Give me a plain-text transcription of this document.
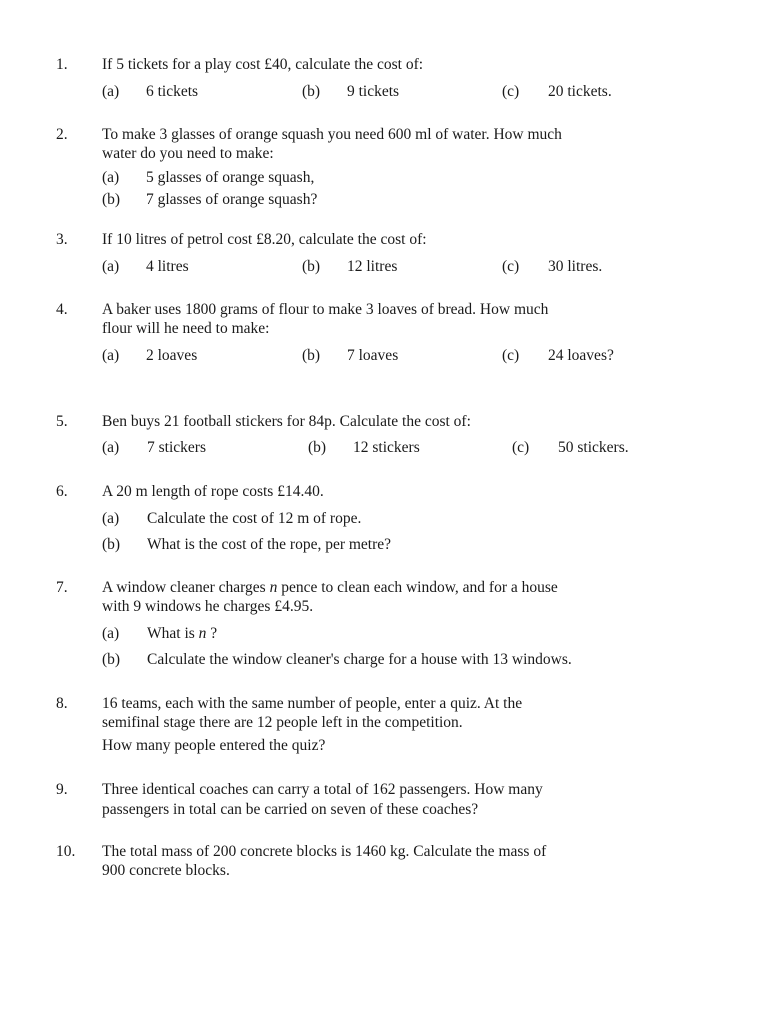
1. If 5 tickets for a play cost £40, calculate the cost of:
(a) 6 tickets	(b) 9 tickets	(c) 20 tickets.
2. To make 3 glasses of orange squash you need 600 ml of water. How much
water do you need to make:
(a) 5 glasses of orange squash,
(b) 7 glasses of orange squash?
3. If 10 litres of petrol cost £8.20, calculate the cost of:
(a) 4 litres	(b) 12 litres	(c) 30 litres.
4. A baker uses 1800 grams of flour to make 3 loaves of bread. How much
flour will he need to make:
(a) 2 loaves	(b) 7 loaves	(c) 24 loaves?
5. Ben buys 21 football stickers for 84p. Calculate the cost of:
(a) 7 stickers	(b) 12 stickers	(c) 50 stickers.
6. A 20 m length of rope costs £14.40.
(a) Calculate the cost of 12 m of rope.
(b) What is the cost of the rope, per metre?
7. A window cleaner charges n pence to clean each window, and for a house
with 9 windows he charges £4.95.
(a) What is n ?
(b) Calculate the window cleaner's charge for a house with 13 windows.
8. 16 teams, each with the same number of people, enter a quiz. At the
semifinal stage there are 12 people left in the competition.
How many people entered the quiz?
9. Three identical coaches can carry a total of 162 passengers. How many
passengers in total can be carried on seven of these coaches?
10. The total mass of 200 concrete blocks is 1460 kg. Calculate the mass of
900 concrete blocks.
